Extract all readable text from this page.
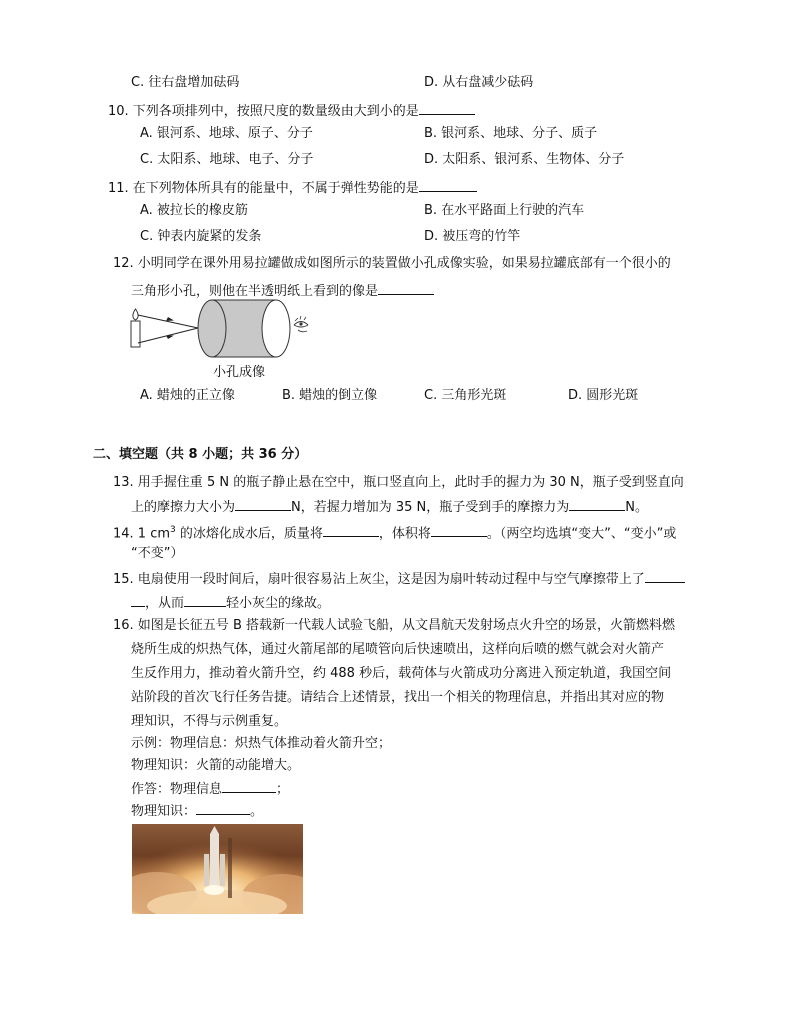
C. 往右盘增加砝码	D. 从右盘减少砝码
10. 下列各项排列中，按照尺度的数量级由大到小的是
A. 银河系、地球、原子、分子	B. 银河系、地球、分子、质子
C. 太阳系、地球、电子、分子	D. 太阳系、银河系、生物体、分子
11. 在下列物体所具有的能量中，不属于弹性势能的是
A. 被拉长的橡皮筋	B. 在水平路面上行驶的汽车
C. 钟表内旋紧的发条	D. 被压弯的竹竿
12. 小明同学在课外用易拉罐做成如图所示的装置做小孔成像实验，如果易拉罐底部有一个很小的
三角形小孔，则他在半透明纸上看到的像是
小孔成像
A. 蜡烛的正立像	B. 蜡烛的倒立像	C. 三角形光斑	D. 圆形光斑
二、填空题（共 8 小题；共 36 分）
13. 用手握住重 5 N 的瓶子静止悬在空中，瓶口竖直向上，此时手的握力为 30 N，瓶子受到竖直向
上的摩擦力大小为	N，若握力增加为 35 N，瓶子受到手的摩擦力为	N。
14. 1 $cm^3$ 的冰熔化成水后，质量将	，体积将	。（两空均选填“变大”、“变小”或
“不变”）
15. 电扇使用一段时间后，扇叶很容易沾上灰尘，这是因为扇叶转动过程中与空气摩擦带上了
，从而	轻小灰尘的缘故。
16. 如图是长征五号 B 搭载新一代载人试验飞船，从文昌航天发射场点火升空的场景，火箭燃料燃
烧所生成的炽热气体，通过火箭尾部的尾喷管向后快速喷出，这样向后喷的燃气就会对火箭产
生反作用力，推动着火箭升空，约 488 秒后，载荷体与火箭成功分离进入预定轨道，我国空间
站阶段的首次飞行任务告捷。请结合上述情景，找出一个相关的物理信息，并指出其对应的物
理知识，不得与示例重复。
示例：物理信息：炽热气体推动着火箭升空；
物理知识：火箭的动能增大。
作答：物理信息	；
物理知识：	。
